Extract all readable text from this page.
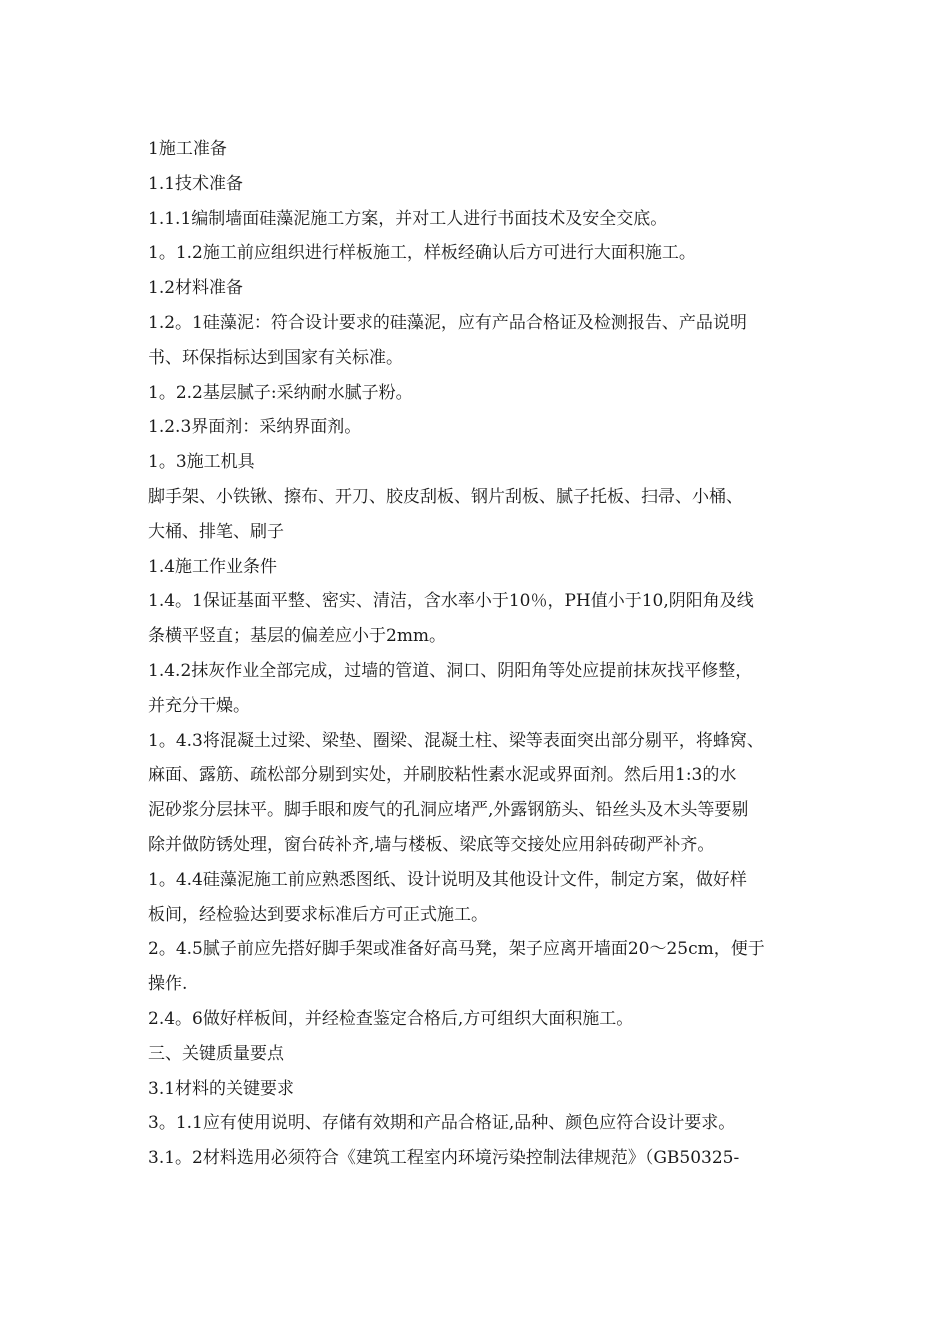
1施工准备

1.1技术准备

1.1.1编制墙面硅藻泥施工方案，并对工人进行书面技术及安全交底。

1。1.2施工前应组织进行样板施工，样板经确认后方可进行大面积施工。

1.2材料准备

1.2。1硅藻泥：符合设计要求的硅藻泥，应有产品合格证及检测报告、产品说明

书、环保指标达到国家有关标准。

1。2.2基层腻子:采纳耐水腻子粉。

1.2.3界面剂：采纳界面剂。

1。3施工机具

脚手架、小铁锹、擦布、开刀、胶皮刮板、钢片刮板、腻子托板、扫帚、小桶、

大桶、排笔、刷子

1.4施工作业条件

1.4。1保证基面平整、密实、清洁，含水率小于10％，PH值小于10,阴阳角及线

条横平竖直；基层的偏差应小于2mm。

1.4.2抹灰作业全部完成，过墙的管道、洞口、阴阳角等处应提前抹灰找平修整，

并充分干燥。

1。4.3将混凝土过梁、梁垫、圈梁、混凝土柱、梁等表面突出部分剔平，将蜂窝、

麻面、露筋、疏松部分剔到实处，并刷胶粘性素水泥或界面剂。然后用1:3的水

泥砂浆分层抹平。脚手眼和废气的孔洞应堵严,外露钢筋头、铅丝头及木头等要剔

除并做防锈处理，窗台砖补齐,墙与楼板、梁底等交接处应用斜砖砌严补齐。

1。4.4硅藻泥施工前应熟悉图纸、设计说明及其他设计文件，制定方案，做好样

板间，经检验达到要求标准后方可正式施工。

2。4.5腻子前应先搭好脚手架或准备好高马凳，架子应离开墙面20～25cm，便于

操作.

2.4。6做好样板间，并经检查鉴定合格后,方可组织大面积施工。

三、关键质量要点

3.1材料的关键要求

3。1.1应有使用说明、存储有效期和产品合格证,品种、颜色应符合设计要求。

3.1。2材料选用必须符合《建筑工程室内环境污染控制法律规范》（GB50325-
